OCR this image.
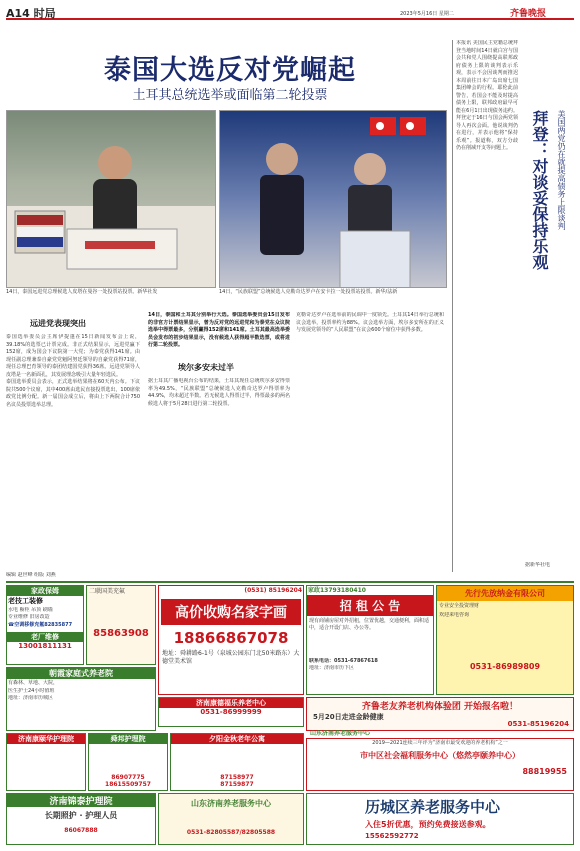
A14 时局	2023年5月16日 星期二	齐鲁晚报
泰国大选反对党崛起
土耳其总统选举或面临第二轮投票
14日，泰国远进党总理候选人皮塔在曼谷一处投票站投票。新华社发	14日，“民族联盟”总统候选人克勒奇达罗卢在安卡拉一处投票站投票。新华/法新
远进党表现突出
泰国选举委员会主席伊提蓬在15日新闻发布会上说，39.18%的选票已计票完成。非正式结果显示，远进党赢下152席，成为国会下议院第一大党；为泰党获得141席。由现任副总理兼泰自豪党党魁阿努廷领导的自豪党获得71席，现任总理巴育领导的泰团结建国党获得36席。远进党领导人皮塔是一名新面孔，其发展理念吸引大量年轻选民。
泰国选举委员会表示，正式选举结果将在60天内公布。下议院共500个议席，其中400席由选民直接投票选出，100席依政党比例分配。新一届国会成立后，将由上下两院合计750名议员投票选举总理。
14日，泰国和土耳其分别举行大选。泰国选举委员会15日发布的非官方计票结果显示，曾为反对党的远进党和为泰党在众议院选举中得票最多，分别赢得152席和141席。土耳其最高选举委员会发布的初步结果显示，没有候选人获得超半数选票，或将进行第二轮投票。
埃尔多安未过半
据土耳其广播电视台公布的结果，土耳其现任总统埃尔多安得票率为49.5%，“民族联盟”总统候选人克勒奇达罗卢得票率为44.9%，均未超过半数。若无候选人得票过半，得票最多的两名候选人将于5月28日进行第二轮投票。
克勒奇达罗卢在选举前的民调中一度领先。土耳其14日举行总统和议会选举，投票率约为88%。议会选举方面，埃尔多安所在的正义与发展党领导的“人民联盟”在议会600个席位中获得多数。
本报讯 美国民主党籍总统拜登当地时间14日就白宫与国会共和党人围绕提高联邦政府债务上限的谈判表示乐观，表示不会因谈判而推迟本周前往日本广岛出席七国集团峰会的行程。耶伦此前警告，若国会不能及时提高债务上限，联邦政府最早可能在6月1日出现债务违约。拜登定于16日与国会两党领导人再次会面。他说谈判仍在进行，并表示他将“保持乐观”。报道称，双方分歧仍在削减开支等问题上。	拜登：对谈妥保持乐观 美国两党仍在就提高债务上限谈判
据新华社电
编辑 赵世峰 组版 刘燕
家政保姆
老技工装修
水电 橱柜 吊顶 刷墙
专业维修 旧房改造
☎空调移修充氟82835877
老厂维修
13001811131
二联国美充氟
85863908
(0531) 85196204
高价收购名家字画
18866867078
地址：舜耕路6-1号（泉城公园东门北50米路东）大德堂美术馆
家政13793180410
招 租 公 告
现有商铺房屋对外招租，位置优越，交通便利，面积适中，适合开设门店、办公等。
联系电话：0531-67867618
地址：济南市历下区
先行先放纳金有限公司
专业安全投资理财
欢迎来电咨询
0531-86989809
朝霞家庭式养老院
有森林、草地、大院，
医生护士24小时值班
地址：济南市历城区
济南康德福乐养老中心
0531-86999999	齐鲁老友养老机构体验团 开始报名啦！
5月20日走进金龄健康
0531-85196204
山东济南养老服务中心
济南康颐华护理院	舜邦护理院
86907775
18615509757
夕阳金秋老年公寓
87158977
87159877
2019—2021连续三年评为“济南市最受欢迎的养老机构”之一
市中区社会福利服务中心（悠然亭颐养中心）
88819955
济南锦泰护理院
长期照护 · 护理人员
86067888
山东济南养老服务中心
0531-82805587/82805588
历城区养老服务中心
入住5折优惠，预约免费接送参观。
15562592772
